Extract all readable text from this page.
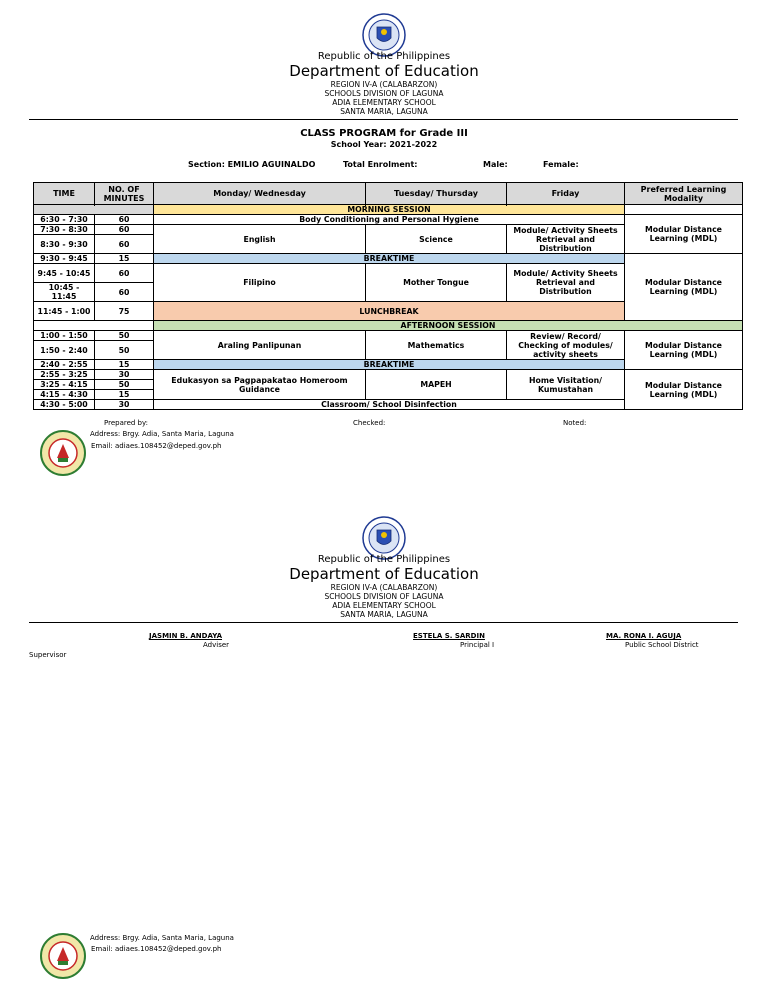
Republic of the Philippines
Department of Education
REGION IV-A (CALABARZON)
SCHOOLS DIVISION OF LAGUNA
ADIA ELEMENTARY SCHOOL
SANTA MARIA, LAGUNA
CLASS PROGRAM for Grade III
School Year: 2021-2022
Section: EMILIO AGUINALDO	Total Enrolment:	Male:	Female:
TIME	NO. OF MINUTES	Monday/ Wednesday	Tuesday/ Thursday	Friday	Preferred Learning Modality

		MORNING SESSION			
6:30 - 7:30	60	Body Conditioning and Personal Hygiene			Modular Distance Learning (MDL)
7:30 - 8:30	60	English	Science	Module/ Activity Sheets Retrieval and Distribution	
8:30 - 9:30	60				
9:30 - 9:45	15	BREAKTIME			Modular Distance Learning (MDL)
9:45 - 10:45	60	Filipino	Mother Tongue	Module/ Activity Sheets Retrieval and Distribution	
10:45 - 11:45	60				
11:45 - 1:00	75	LUNCHBREAK			
		AFTERNOON SESSION			
1:00 - 1:50	50	Araling Panlipunan	Mathematics	Review/ Record/ Checking of modules/ activity sheets	Modular Distance Learning (MDL)
1:50 - 2:40	50				
2:40 - 2:55	15	BREAKTIME			
2:55 - 3:25	30	Edukasyon sa Pagpapakatao Homeroom Guidance	MAPEH	Home Visitation/ Kumustahan	Modular Distance Learning (MDL)
3:25 - 4:15	50				
4:15 - 4:30	15				
4:30 - 5:00	30	Classroom/ School Disinfection			
Prepared by:	Checked:	Noted:
Address: Brgy. Adia, Santa Maria, Laguna
Email: adiaes.108452@deped.gov.ph
Republic of the Philippines
Department of Education
REGION IV-A (CALABARZON)
SCHOOLS DIVISION OF LAGUNA
ADIA ELEMENTARY SCHOOL
SANTA MARIA, LAGUNA
JASMIN B. ANDAYA
Adviser
ESTELA S. SARDIN
Principal I
MA. RONA I. AGUJA
Public School District
Supervisor
Address: Brgy. Adia, Santa Maria, Laguna
Email: adiaes.108452@deped.gov.ph
